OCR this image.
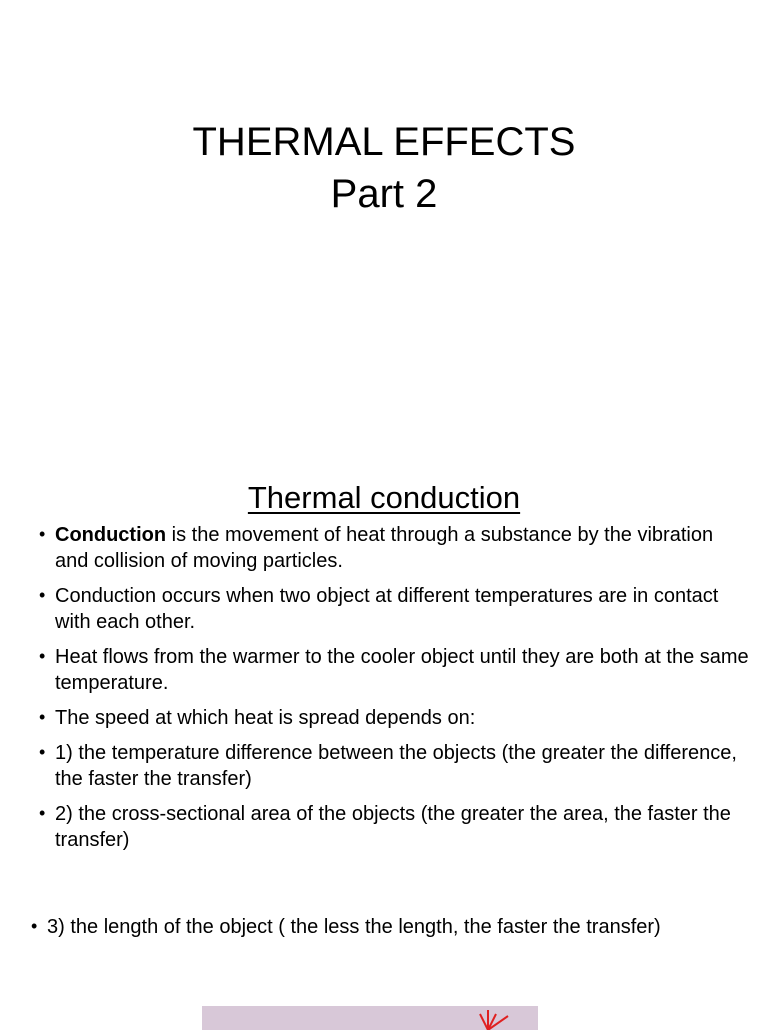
THERMAL EFFECTS
Part 2
Thermal conduction
• Conduction is the movement of heat through a substance by the vibration and collision of moving particles.
• Conduction occurs when two object at different temperatures are in contact with each other.
• Heat flows from the warmer to the cooler object until they are both at the same temperature.
• The speed at which heat is spread depends on:
• 1) the temperature difference between the objects (the greater the difference, the faster the transfer)
• 2) the cross-sectional area of the objects (the greater the area, the faster the transfer)
• 3) the length of the object ( the less the length, the faster the transfer)
